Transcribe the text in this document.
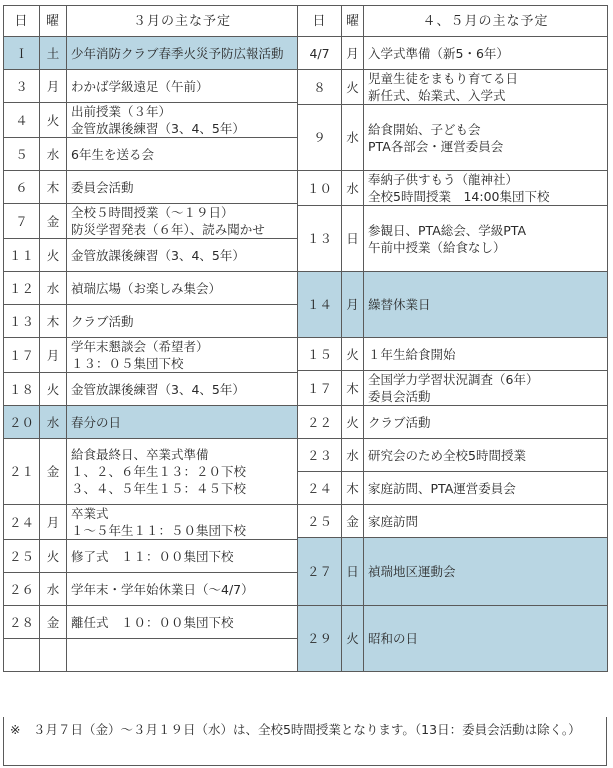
日	曜	３月の主な予定	日	曜	４、５月の主な予定
Ｉ	土	少年消防クラブ春季火災予防広報活動	4/7	月	入学式準備（新5・6年）

３	月	わかば学級遠足（午前）	８	火	児童生徒をまもり育てる日
新任式、始業式、入学式

４	火	出前授業（３年）
金管放課後練習（3、4、5年）			

			９	水	給食開始、子ども会
PTA各部会・運営委員会

５	水	6年生を送る会			

６	木	委員会活動	１０	水	奉納子供すもう（龍神社）
全校5時間授業　14:00集団下校

７	金	全校５時間授業（～１９日）
防災学習発表（６年）、読み聞かせ			

			１３	日	参観日、PTA総会、学級PTA
午前中授業（給食なし）

１１	火	金管放課後練習（3、4、5年）			

１２	水	禎瑞広場（お楽しみ集会）	１４	月	繰替休業日

１３	木	クラブ活動			

１７	月	学年末懇談会（希望者）
１３：０５集団下校	１５	火	１年生給食開始

			１７	木	全国学力学習状況調査（6年）
委員会活動

１８	火	金管放課後練習（3、4、5年）			

２０	水	春分の日	２２	火	クラブ活動

２１	金	給食最終日、卒業式準備
１、２、６年生１３：２０下校
３、４、５年生１５：４５下校	２３	水	研究会のため全校5時間授業

			２４	木	家庭訪問、PTA運営委員会

２４	月	卒業式
１～５年生１１：５０集団下校	２５	金	家庭訪問

			２７	日	禎瑞地区運動会

２５	火	修了式　１１：００集団下校			

２６	水	学年末・学年始休業日（～4/7）			

２８	金	離任式　１０：００集団下校	２９	火	昭和の日

※　３月７日（金）～３月１９日（水）は、全校5時間授業となります。（13日：委員会活動は除く。）
